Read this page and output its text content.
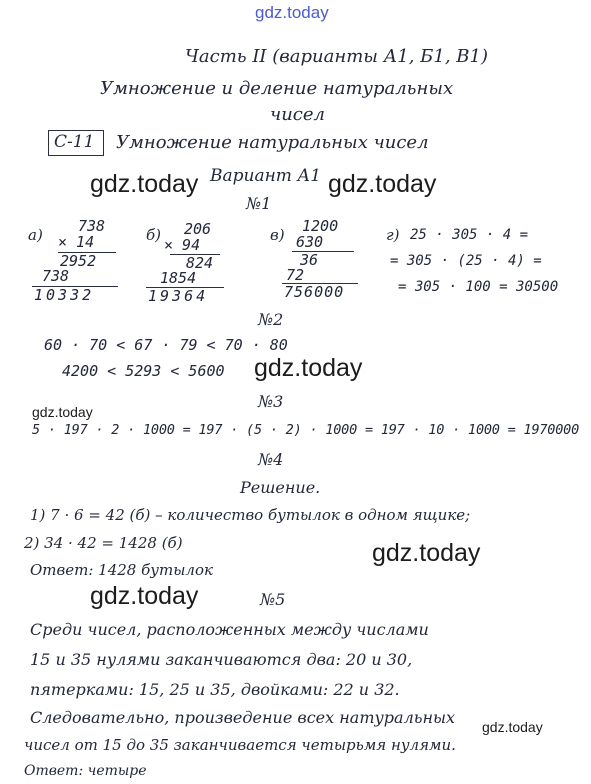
gdz.today
gdz.today	gdz.today
gdz.today
gdz.today
gdz.today
gdz.today
gdz.today
Часть II (варианты А1, Б1, В1)
Умножение и деление натуральных
чисел
С-11 Умножение натуральных чисел
Вариант А1
№1
а) 738
× 14
2952
738
10332
б) 206
× 94
824
1854
19364
в) 1200
630
36
72
756000
г) 25 · 305 · 4 =
= 305 · (25 · 4) =
= 305 · 100 = 30500
№2
60 · 70 < 67 · 79 < 70 · 80
4200 < 5293 < 5600
№3
5 · 197 · 2 · 1000 = 197 · (5 · 2) · 1000 = 197 · 10 · 1000 = 1970000
№4
Решение.
1) 7 · 6 = 42 (б) – количество бутылок в одном ящике;
2) 34 · 42 = 1428 (б)
Ответ: 1428 бутылок
№5
Среди чисел, расположенных между числами
15 и 35 нулями заканчиваются два: 20 и 30,
пятерками: 15, 25 и 35, двойками: 22 и 32.
Следовательно, произведение всех натуральных
чисел от 15 до 35 заканчивается четырьмя нулями.
Ответ: четыре
